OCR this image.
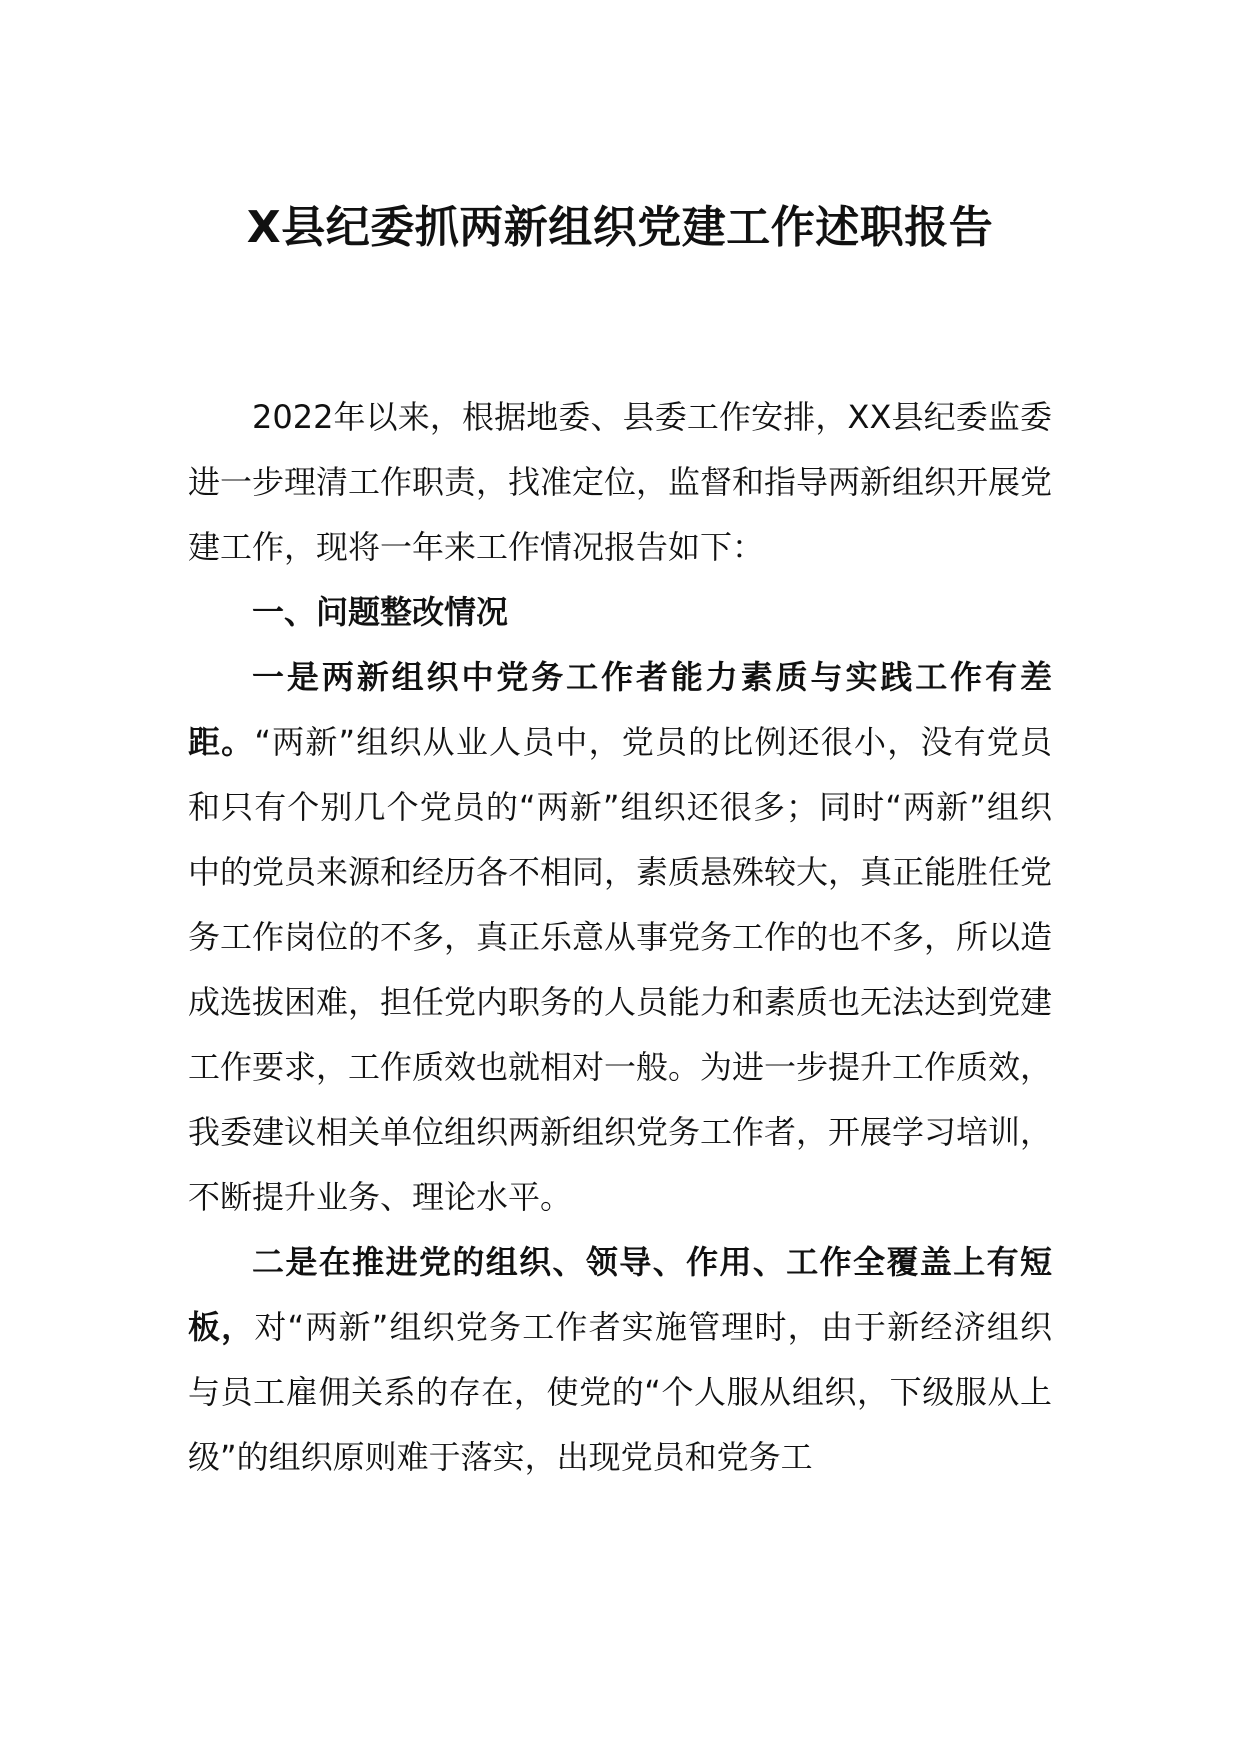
X县纪委抓两新组织党建工作述职报告

2022年以来，根据地委、县委工作安排，XX县纪委监委进一步理清工作职责，找准定位，监督和指导两新组织开展党建工作，现将一年来工作情况报告如下：

一、问题整改情况

一是两新组织中党务工作者能力素质与实践工作有差距。“两新”组织从业人员中，党员的比例还很小，没有党员和只有个别几个党员的“两新”组织还很多；同时“两新”组织中的党员来源和经历各不相同，素质悬殊较大，真正能胜任党务工作岗位的不多，真正乐意从事党务工作的也不多，所以造成选拔困难，担任党内职务的人员能力和素质也无法达到党建工作要求，工作质效也就相对一般。为进一步提升工作质效，我委建议相关单位组织两新组织党务工作者，开展学习培训，不断提升业务、理论水平。

二是在推进党的组织、领导、作用、工作全覆盖上有短板，对“两新”组织党务工作者实施管理时，由于新经济组织与员工雇佣关系的存在，使党的“个人服从组织，下级服从上级”的组织原则难于落实，出现党员和党务工
